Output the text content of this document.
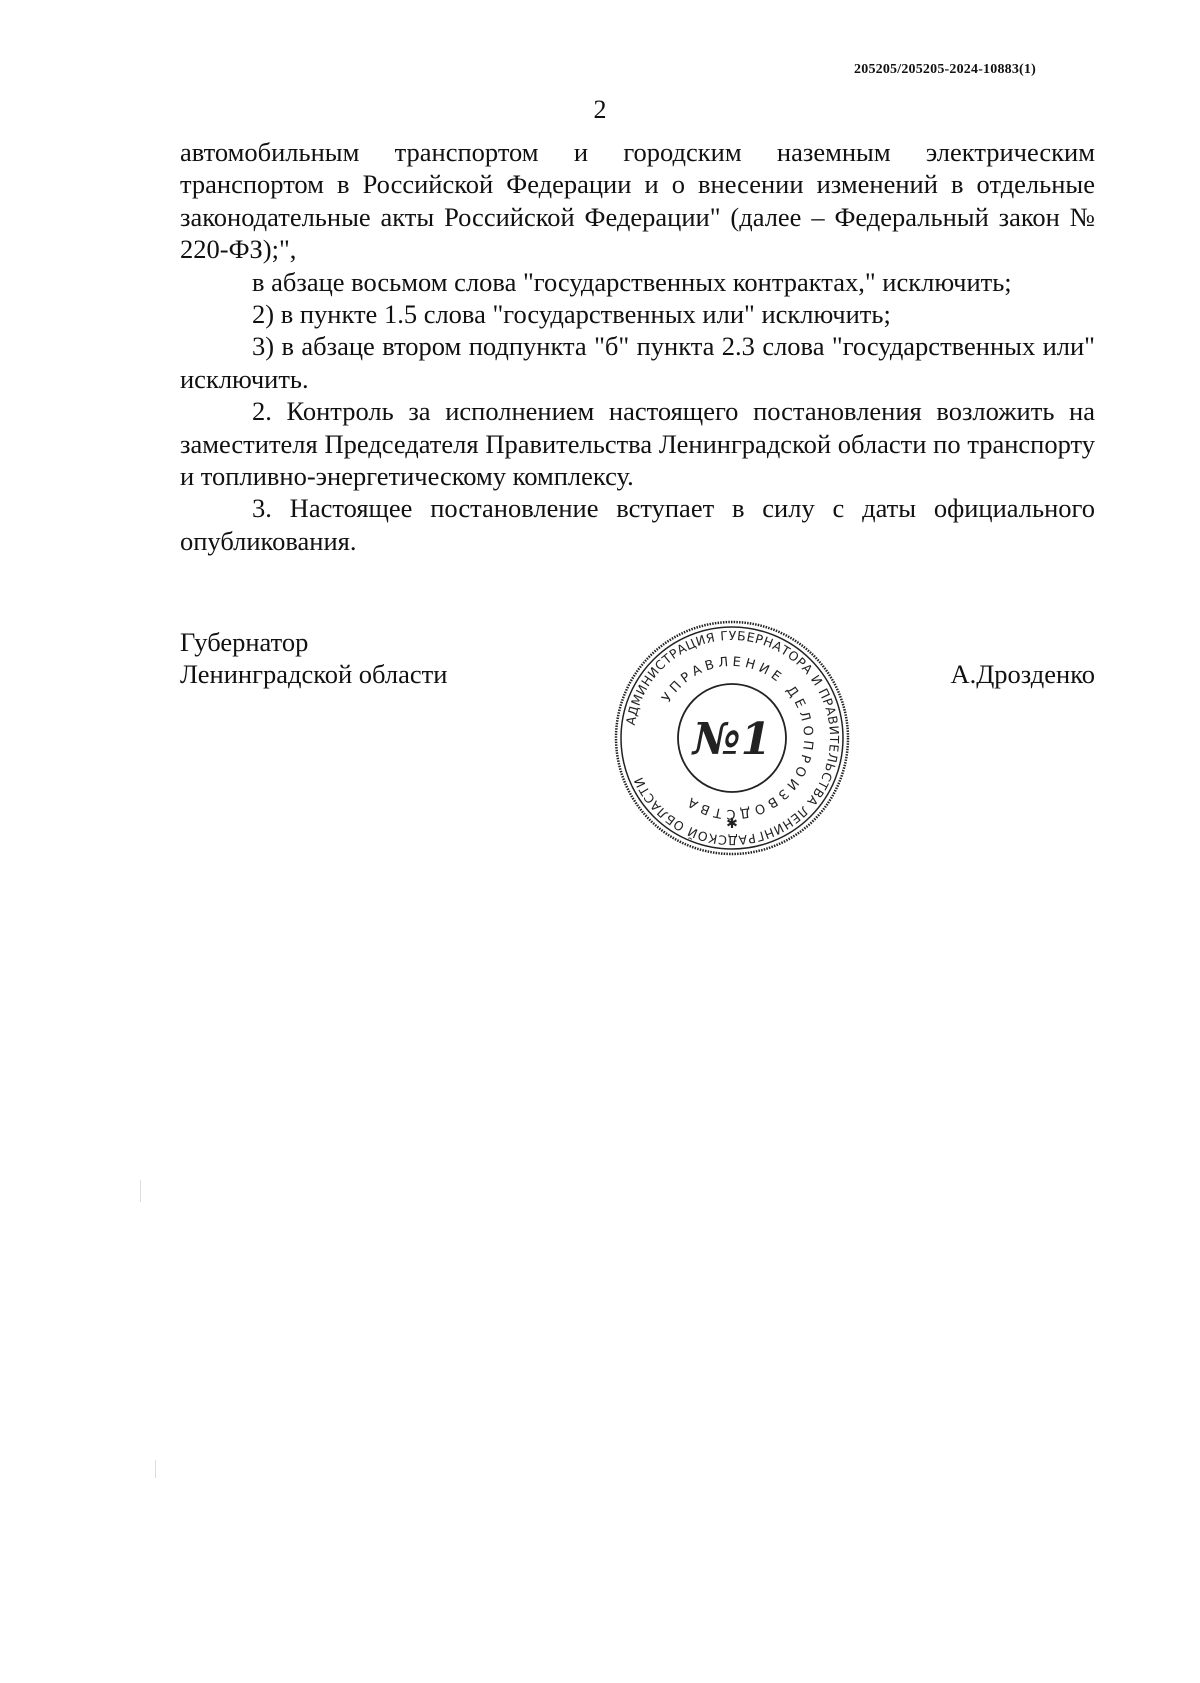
205205/205205-2024-10883(1)
2

автомобильным транспортом и городским наземным электрическим транспортом в Российской Федерации и о внесении изменений в отдельные законодательные акты Российской Федерации" (далее – Федеральный закон № 220-ФЗ);",

в абзаце восьмом слова "государственных контрактах," исключить;

2) в пункте 1.5 слова "государственных или" исключить;

3) в абзаце втором подпункта "б" пункта 2.3 слова "государственных или" исключить.

2. Контроль за исполнением настоящего постановления возложить на заместителя Председателя Правительства Ленинградской области по транспорту и топливно-энергетическому комплексу.

3. Настоящее постановление вступает в силу с даты официального опубликования.

Губернатор
Ленинградской области	А.Дрозденко
АДМИНИСТРАЦИЯ ГУБЕРНАТОРА И ПРАВИТЕЛЬСТВА ЛЕНИНГРАДСКОЙ ОБЛАСТИ
УПРАВЛЕНИЕ ДЕЛОПРОИЗВОДСТВА
№1
✱
